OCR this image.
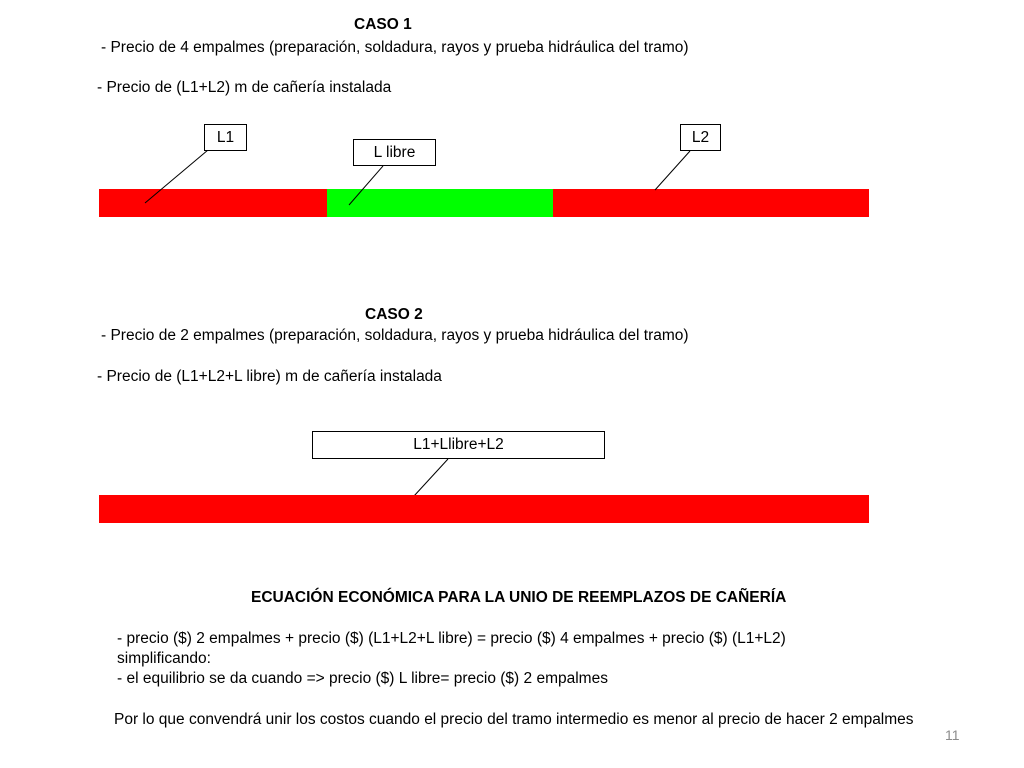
CASO 1
- Precio de 4 empalmes (preparación, soldadura, rayos y prueba hidráulica del tramo)
- Precio de (L1+L2) m de cañería instalada
L1
L libre
L2
CASO 2
- Precio de 2 empalmes (preparación, soldadura, rayos y prueba hidráulica del tramo)
- Precio de (L1+L2+L libre) m de cañería instalada
L1+Llibre+L2
ECUACIÓN ECONÓMICA PARA LA UNIO DE REEMPLAZOS DE CAÑERÍA
- precio ($) 2 empalmes + precio ($) (L1+L2+L libre) = precio ($) 4 empalmes + precio ($) (L1+L2)
simplificando:
- el equilibrio se da cuando => precio ($) L libre= precio ($) 2 empalmes
Por lo que convendrá unir los costos cuando el precio del tramo intermedio es menor al precio de hacer 2 empalmes
11
